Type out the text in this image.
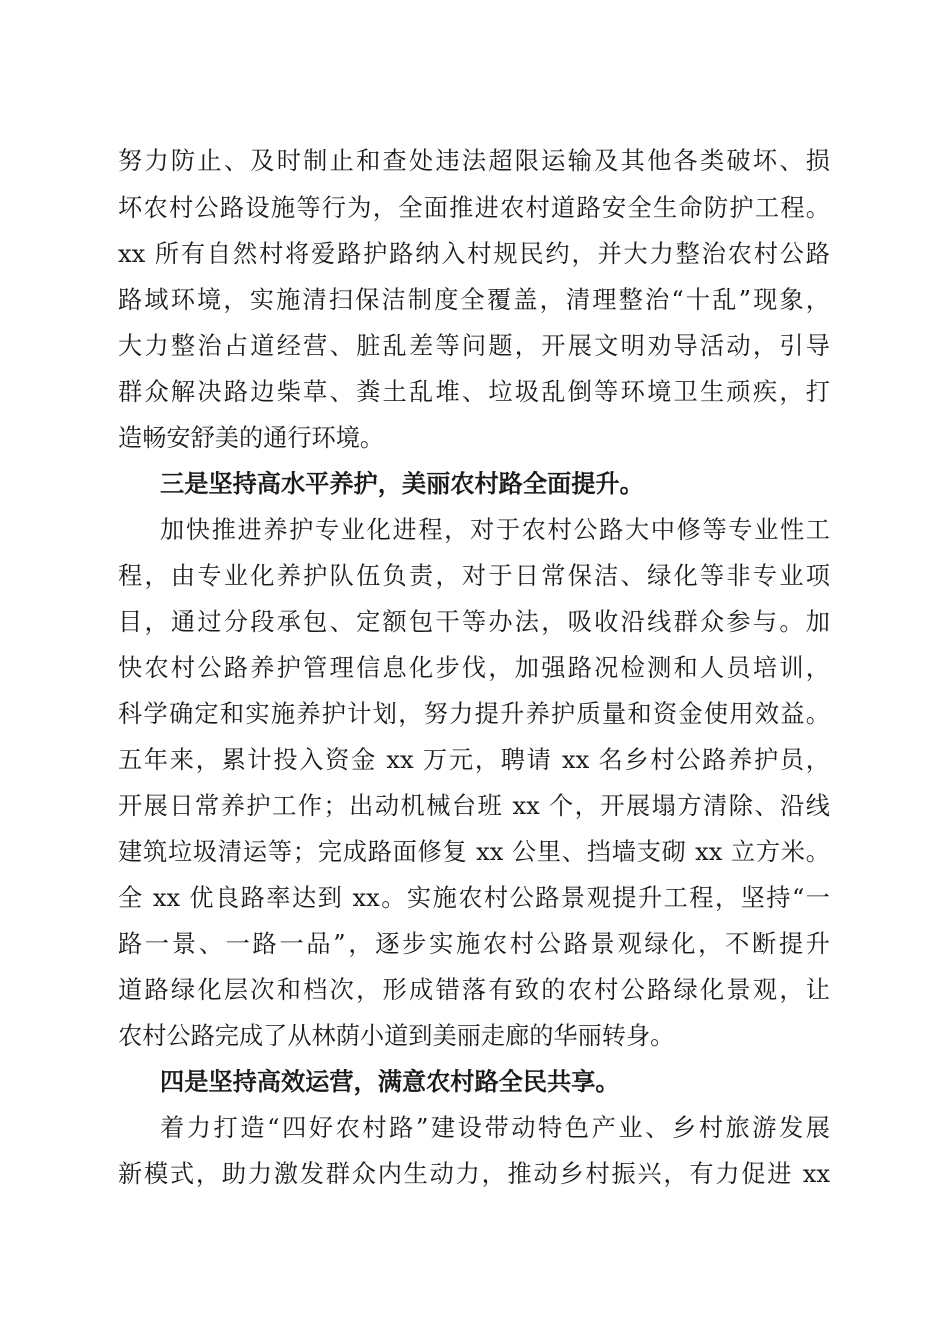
努力防止、及时制止和查处违法超限运输及其他各类破坏、损
坏农村公路设施等行为，全面推进农村道路安全生命防护工程。
xx 所有自然村将爱路护路纳入村规民约，并大力整治农村公路
路域环境，实施清扫保洁制度全覆盖，清理整治“十乱”现象，
大力整治占道经营、脏乱差等问题，开展文明劝导活动，引导
群众解决路边柴草、粪土乱堆、垃圾乱倒等环境卫生顽疾，打
造畅安舒美的通行环境。
三是坚持高水平养护，美丽农村路全面提升。
加快推进养护专业化进程，对于农村公路大中修等专业性工
程，由专业化养护队伍负责，对于日常保洁、绿化等非专业项
目，通过分段承包、定额包干等办法，吸收沿线群众参与。加
快农村公路养护管理信息化步伐，加强路况检测和人员培训，
科学确定和实施养护计划，努力提升养护质量和资金使用效益。
五年来，累计投入资金 xx 万元，聘请 xx 名乡村公路养护员，
开展日常养护工作；出动机械台班 xx 个，开展塌方清除、沿线
建筑垃圾清运等；完成路面修复 xx 公里、挡墙支砌 xx 立方米。
全 xx 优良路率达到 xx。实施农村公路景观提升工程，坚持“一
路一景、一路一品”，逐步实施农村公路景观绿化，不断提升
道路绿化层次和档次，形成错落有致的农村公路绿化景观，让
农村公路完成了从林荫小道到美丽走廊的华丽转身。
四是坚持高效运营，满意农村路全民共享。
着力打造“四好农村路”建设带动特色产业、乡村旅游发展
新模式，助力激发群众内生动力，推动乡村振兴，有力促进 xx
